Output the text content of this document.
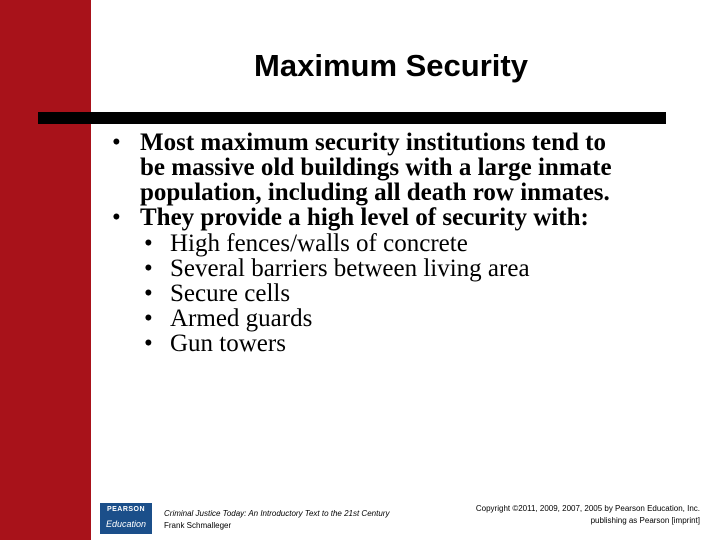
Maximum Security
• Most maximum security institutions tend to
be massive old buildings with a large inmate
population, including all death row inmates.
• They provide a high level of security with:
• High fences/walls of concrete
• Several barriers between living area
• Secure cells
• Armed guards
• Gun towers
PEARSON
Education
Criminal Justice Today: An Introductory Text to the 21st Century
Frank Schmalleger
Copyright ©2011, 2009, 2007, 2005 by Pearson Education, Inc.
publishing as Pearson [imprint]
